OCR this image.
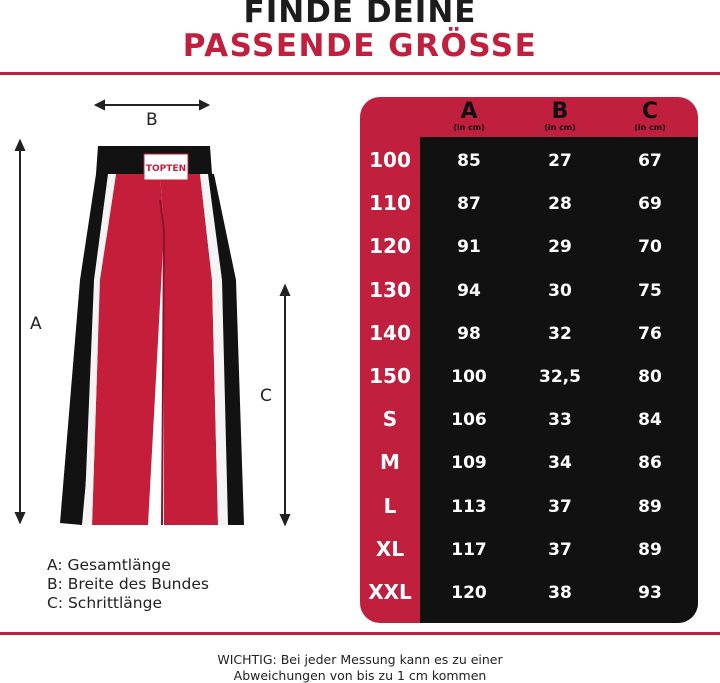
FINDE DEINE
PASSENDE GRÖSSE
B
A
C
TOPTEN
A: Gesamtlänge
B: Breite des Bundes
C: Schrittlänge
A
(in cm)
B
(in cm)
C
(in cm)
100	85	27	67
110	87	28	69
120	91	29	70
130	94	30	75
140	98	32	76
150	100	32,5	80
S	106	33	84
M	109	34	86
L	113	37	89
XL	117	37	89
XXL	120	38	93
WICHTIG: Bei jeder Messung kann es zu einer
Abweichungen von bis zu 1 cm kommen
